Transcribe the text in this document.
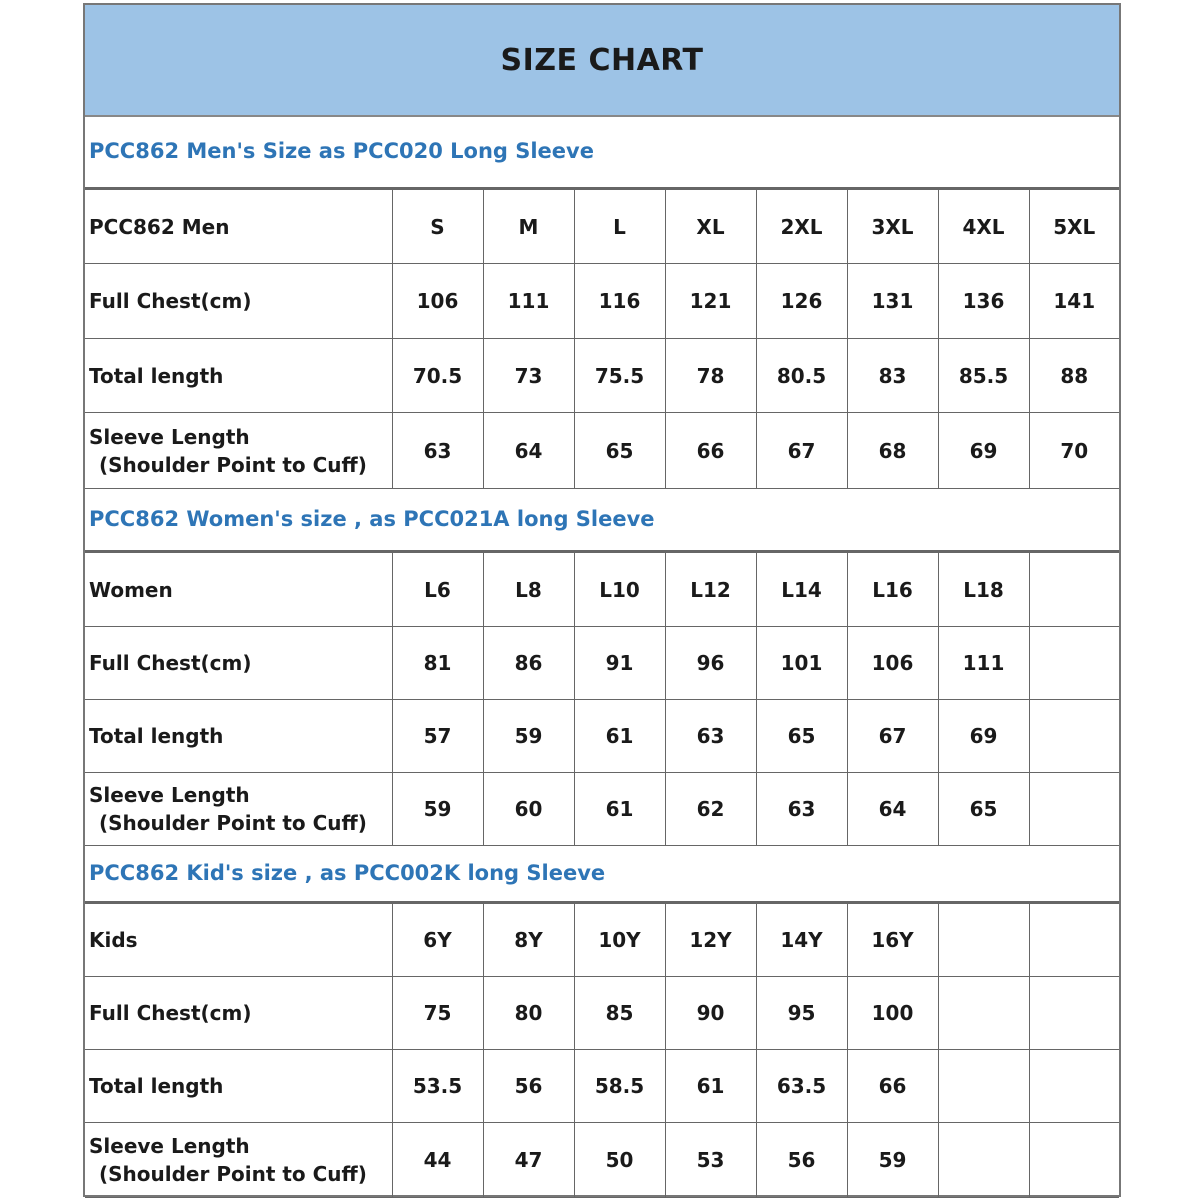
SIZE CHART
PCC862 Men's Size as PCC020 Long Sleeve
PCC862 Men	S	M	L	XL	2XL	3XL	4XL	5XL
Full Chest(cm)	106	111	116	121	126	131	136	141
Total length	70.5	73	75.5	78	80.5	83	85.5	88

Sleeve Length
(Shoulder Point to Cuff)	63	64	65	66	67	68	69	70
PCC862 Women's size , as PCC021A long Sleeve
Women	L6	L8	L10	L12	L14	L16	L18	
Full Chest(cm)	81	86	91	96	101	106	111	
Total length	57	59	61	63	65	67	69	

Sleeve Length
(Shoulder Point to Cuff)	59	60	61	62	63	64	65	
PCC862 Kid's size , as PCC002K long Sleeve
Kids	6Y	8Y	10Y	12Y	14Y	16Y		
Full Chest(cm)	75	80	85	90	95	100		
Total length	53.5	56	58.5	61	63.5	66		

Sleeve Length
(Shoulder Point to Cuff)	44	47	50	53	56	59		
